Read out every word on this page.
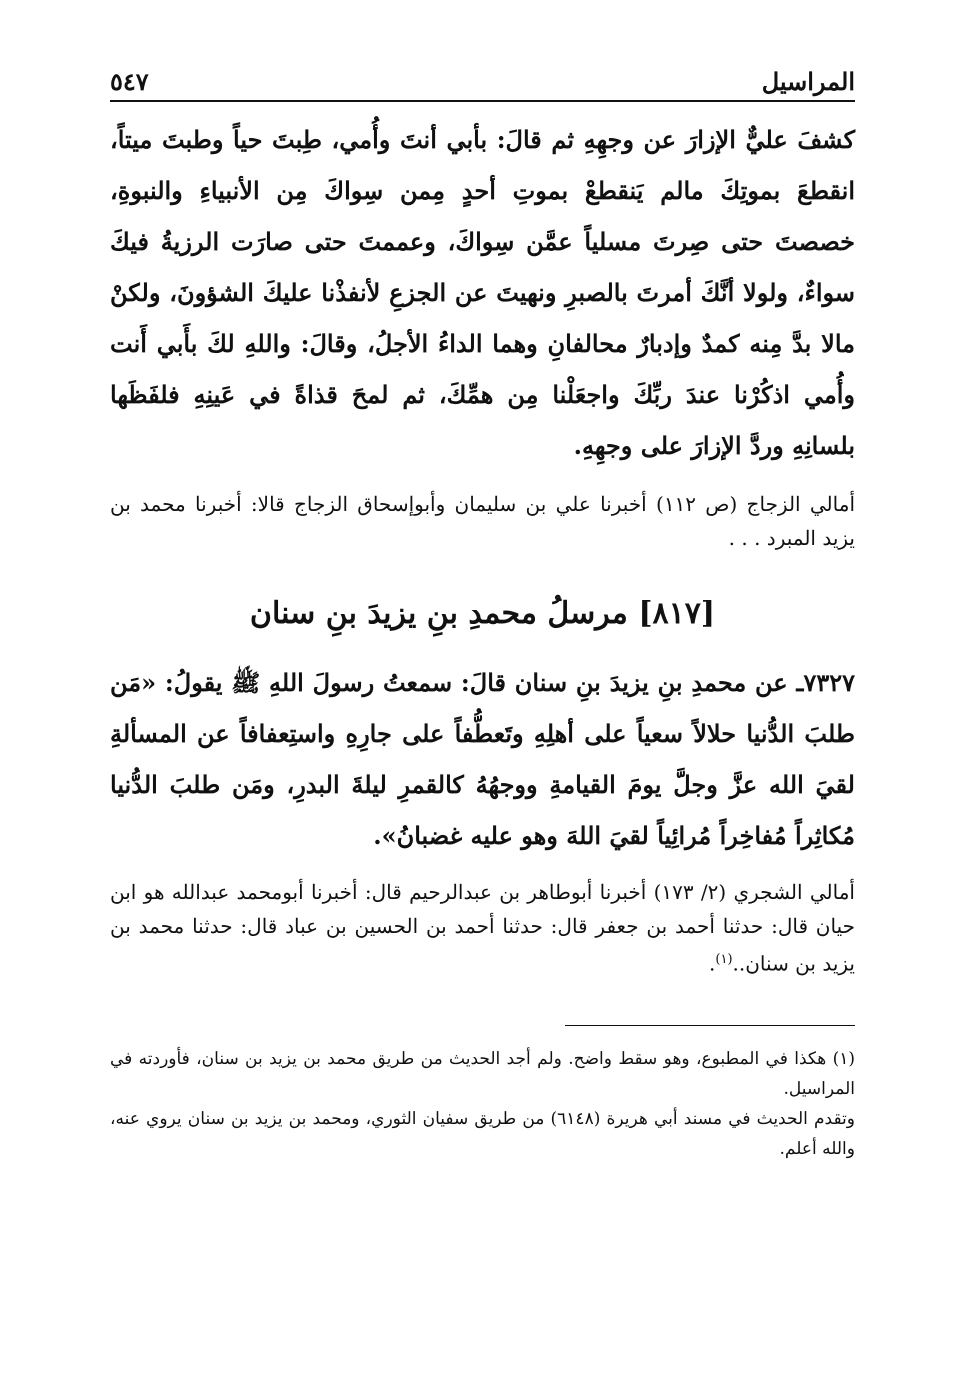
المراسيل
٥٤٧
كشفَ عليٌّ الإزارَ عن وجهِهِ ثم قالَ: بأبي أنتَ وأُمي، طِبتَ حياً وطبتَ ميتاً، انقطعَ بموتِكَ مالم يَنقطعْ بموتِ أحدٍ مِمن سِواكَ مِن الأنبياءِ والنبوةِ، خصصتَ حتى صِرتَ مسلياً عمَّن سِواكَ، وعممتَ حتى صارَت الرزيةُ فيكَ سواءٌ، ولولا أنَّكَ أمرتَ بالصبرِ ونهيتَ عن الجزعِ لأنفذْنا عليكَ الشؤونَ، ولكنْ مالا بدَّ مِنه كمدٌ وإدبارٌ محالفانِ وهما الداءُ الأجلُ، وقالَ: واللهِ لكَ بأَبي أَنت وأُمي اذكُرْنا عندَ ربِّكَ واجعَلْنا مِن همِّكَ، ثم لمحَ قذاةً في عَينِهِ فلفَظَها بلسانِهِ وردَّ الإزارَ على وجهِهِ.
أمالي الزجاج (ص ١١٢) أخبرنا علي بن سليمان وأبوإسحاق الزجاج قالا: أخبرنا محمد بن يزيد المبرد . . .
[٨١٧] مرسلُ محمدِ بنِ يزيدَ بنِ سنان
٧٣٢٧ـ عن محمدِ بنِ يزيدَ بنِ سنان قالَ: سمعتُ رسولَ اللهِ ﷺ يقولُ: «مَن طلبَ الدُّنيا حلالاً سعياً على أهلِهِ وتَعطُّفاً على جارِهِ واستِعفافاً عن المسألةِ لقيَ الله عزَّ وجلَّ يومَ القيامةِ ووجهُهُ كالقمرِ ليلةَ البدرِ، ومَن طلبَ الدُّنيا مُكاثِراً مُفاخِراً مُرائِياً لقيَ اللهَ وهو عليه غضبانُ».
أمالي الشجري (٢/ ١٧٣) أخبرنا أبوطاهر بن عبدالرحيم قال: أخبرنا أبومحمد عبدالله هو ابن حيان قال: حدثنا أحمد بن جعفر قال: حدثنا أحمد بن الحسين بن عباد قال: حدثنا محمد بن يزيد بن سنان..$^{(١)}$.
(١) هكذا في المطبوع، وهو سقط واضح. ولم أجد الحديث من طريق محمد بن يزيد بن سنان، فأوردته في المراسيل.
وتقدم الحديث في مسند أبي هريرة (٦١٤٨) من طريق سفيان الثوري، ومحمد بن يزيد بن سنان يروي عنه، والله أعلم.
